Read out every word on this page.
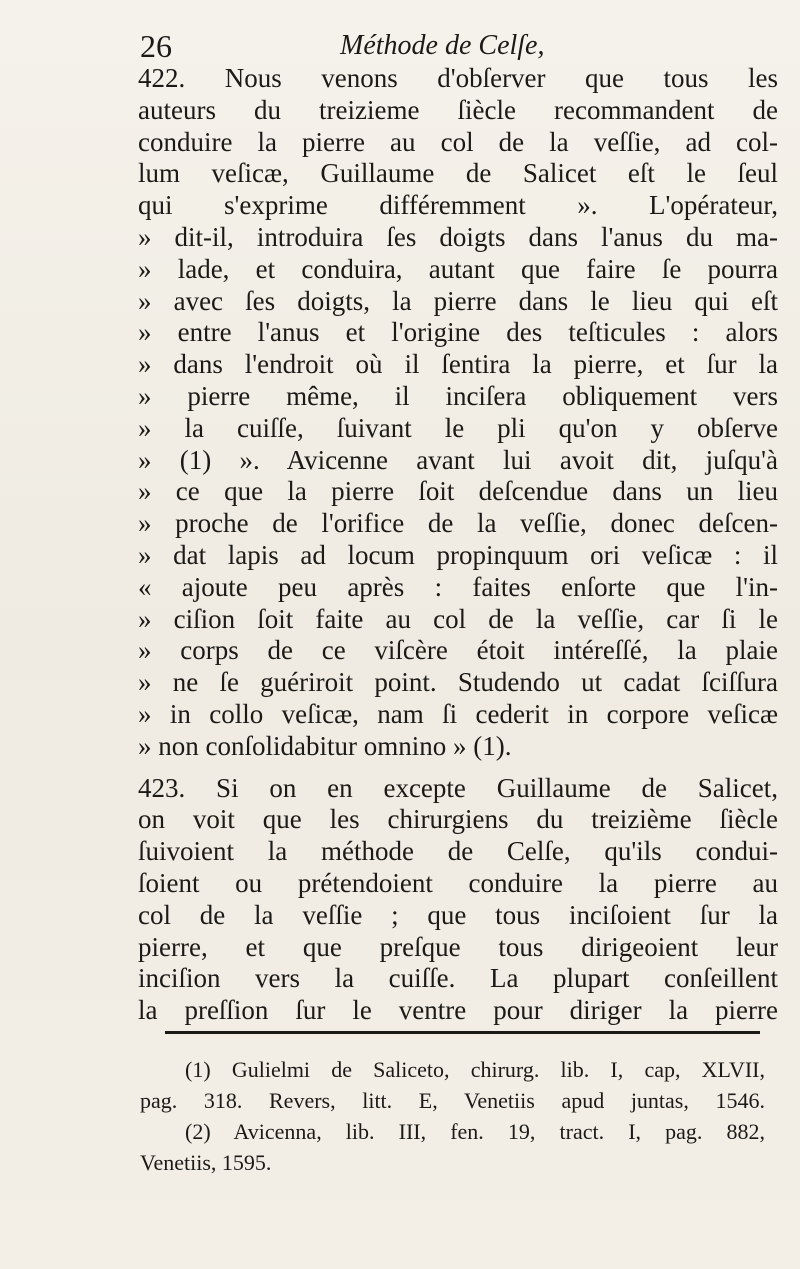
26	Méthode de Celſe,
422. Nous venons d'obſerver que tous les
auteurs du treizieme ſiècle recommandent de
conduire la pierre au col de la veſſie, ad col-
lum veſicæ, Guillaume de Salicet eſt le ſeul
qui s'exprime différemment ». L'opérateur,
» dit-il, introduira ſes doigts dans l'anus du ma-
» lade, et conduira, autant que faire ſe pourra
» avec ſes doigts, la pierre dans le lieu qui eſt
» entre l'anus et l'origine des teſticules : alors
» dans l'endroit où il ſentira la pierre, et ſur la
» pierre même, il inciſera obliquement vers
» la cuiſſe, ſuivant le pli qu'on y obſerve
» (1) ». Avicenne avant lui avoit dit, juſqu'à
» ce que la pierre ſoit deſcendue dans un lieu
» proche de l'orifice de la veſſie, donec deſcen-
» dat lapis ad locum propinquum ori veſicæ : il
« ajoute peu après : faites enſorte que l'in-
» ciſion ſoit faite au col de la veſſie, car ſi le
» corps de ce viſcère étoit intéreſſé, la plaie
» ne ſe guériroit point. Studendo ut cadat ſciſſura
» in collo veſicæ, nam ſi cederit in corpore veſicæ
» non conſolidabitur omnino » (1).
423. Si on en excepte Guillaume de Salicet,
on voit que les chirurgiens du treizième ſiècle
ſuivoient la méthode de Celſe, qu'ils condui-
ſoient ou prétendoient conduire la pierre au
col de la veſſie ; que tous inciſoient ſur la
pierre, et que preſque tous dirigeoient leur
inciſion vers la cuiſſe. La plupart conſeillent
la preſſion ſur le ventre pour diriger la pierre
(1) Gulielmi de Saliceto, chirurg. lib. I, cap, XLVII,
pag. 318. Revers, litt. E, Venetiis apud juntas, 1546.
(2) Avicenna, lib. III, fen. 19, tract. I, pag. 882,
Venetiis, 1595.
